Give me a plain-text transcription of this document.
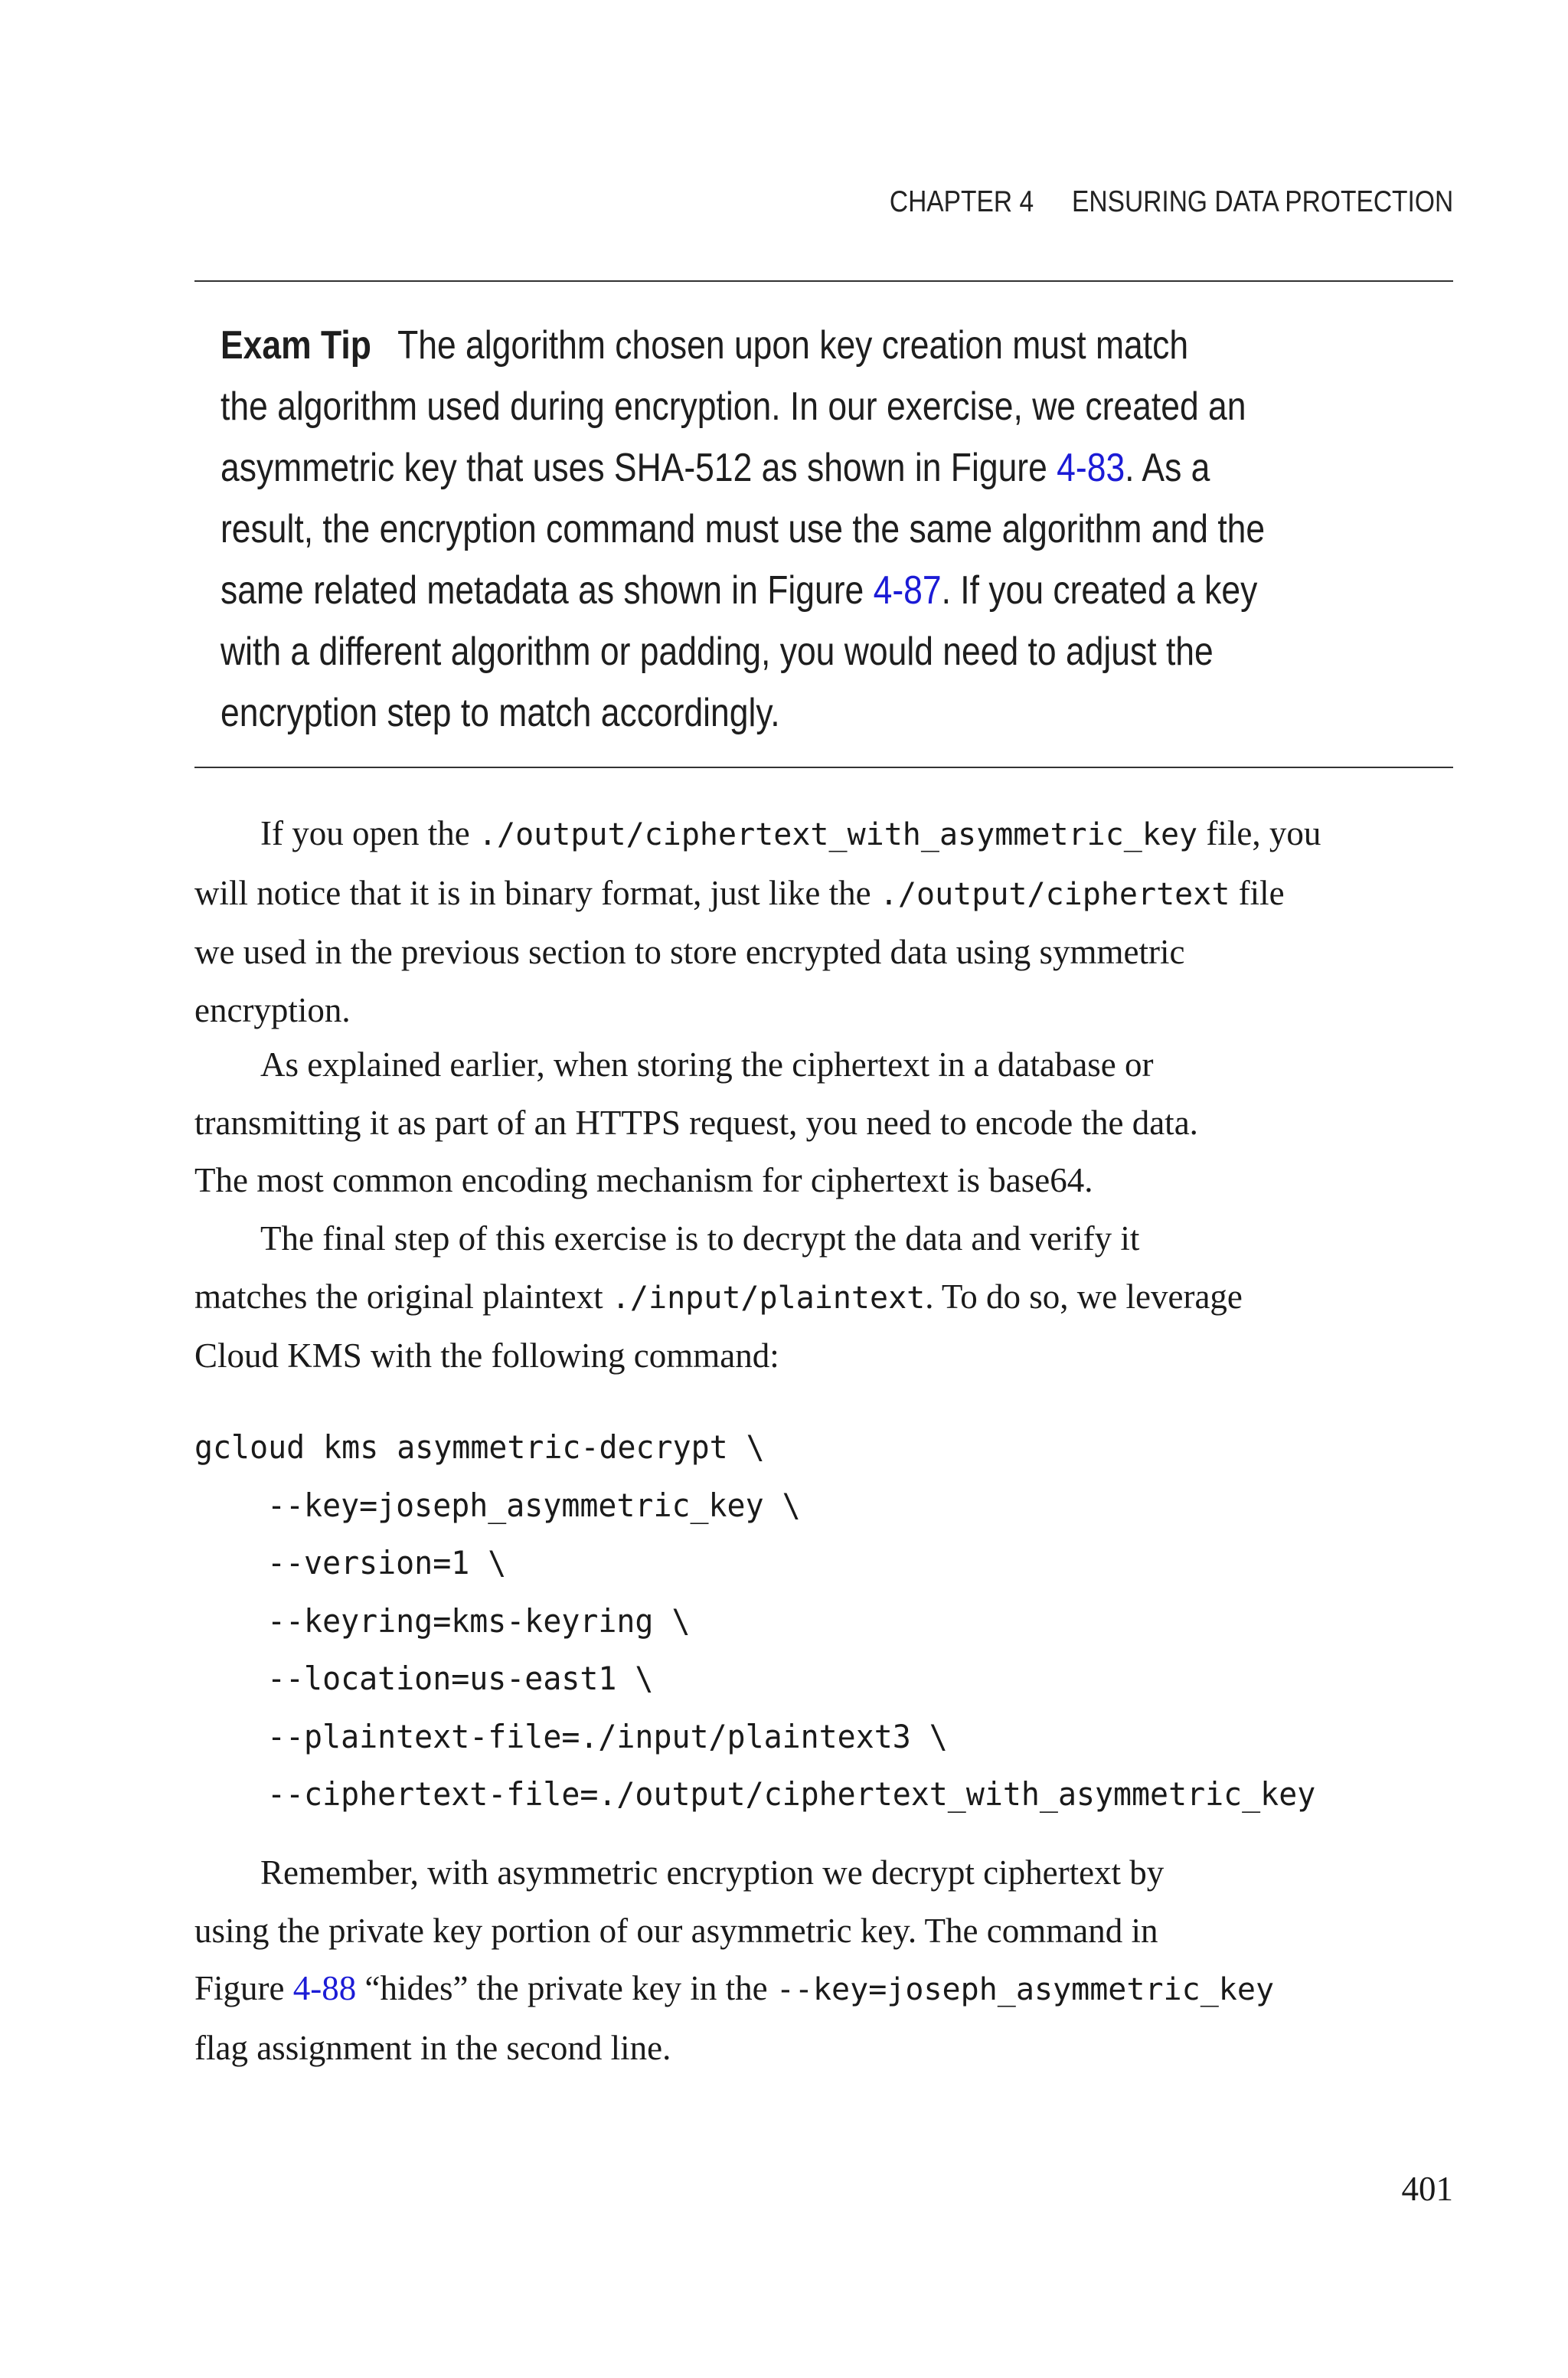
CHAPTER 4 ENSURING DATA PROTECTION
Exam Tip The algorithm chosen upon key creation must match
the algorithm used during encryption. In our exercise, we created an
asymmetric key that uses SHA-512 as shown in Figure 4-83. As a
result, the encryption command must use the same algorithm and the
same related metadata as shown in Figure 4-87. If you created a key
with a different algorithm or padding, you would need to adjust the
encryption step to match accordingly.
If you open the ./output/ciphertext_with_asymmetric_key file, you
will notice that it is in binary format, just like the ./output/ciphertext file
we used in the previous section to store encrypted data using symmetric
encryption.
As explained earlier, when storing the ciphertext in a database or
transmitting it as part of an HTTPS request, you need to encode the data.
The most common encoding mechanism for ciphertext is base64.
The final step of this exercise is to decrypt the data and verify it
matches the original plaintext ./input/plaintext. To do so, we leverage
Cloud KMS with the following command:
gcloud kms asymmetric-decrypt \
--key=joseph_asymmetric_key \
--version=1 \
--keyring=kms-keyring \
--location=us-east1 \
--plaintext-file=./input/plaintext3 \
--ciphertext-file=./output/ciphertext_with_asymmetric_key
Remember, with asymmetric encryption we decrypt ciphertext by
using the private key portion of our asymmetric key. The command in
Figure 4-88 “hides” the private key in the --key=joseph_asymmetric_key
flag assignment in the second line.
401
